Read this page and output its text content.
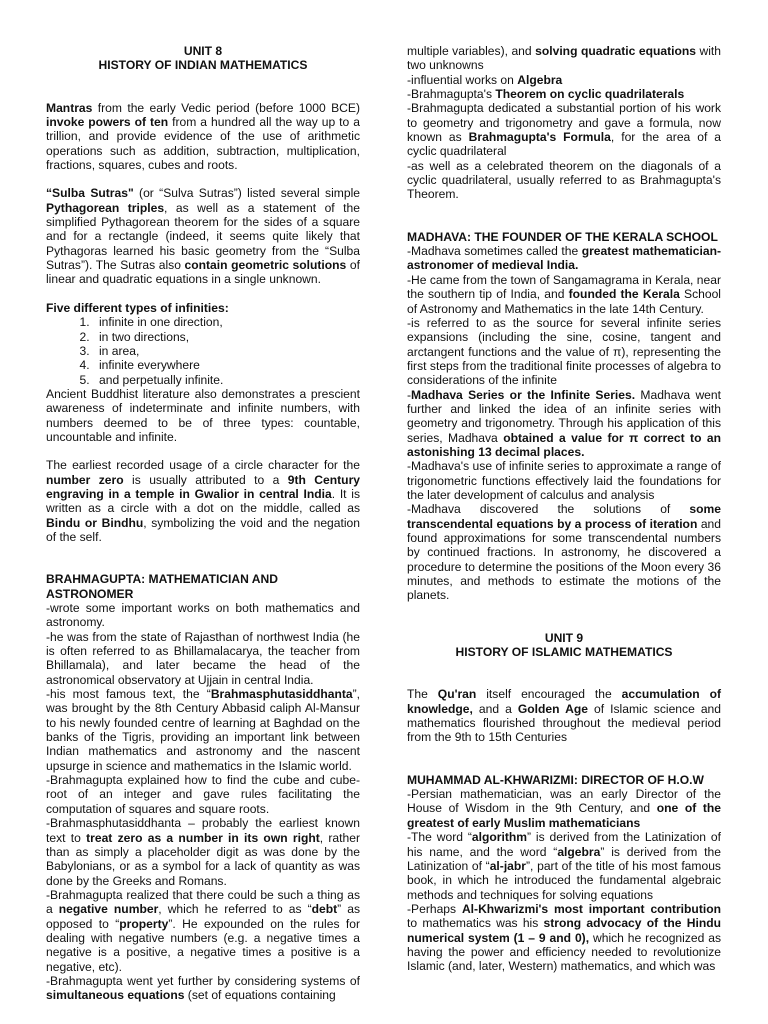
UNIT 8
HISTORY OF INDIAN MATHEMATICS

Mantras from the early Vedic period (before 1000 BCE) invoke powers of ten from a hundred all the way up to a trillion, and provide evidence of the use of arithmetic operations such as addition, subtraction, multiplication, fractions, squares, cubes and roots.

“Sulba Sutras" (or “Sulva Sutras”) listed several simple Pythagorean triples, as well as a statement of the simplified Pythagorean theorem for the sides of a square and for a rectangle (indeed, it seems quite likely that Pythagoras learned his basic geometry from the “Sulba Sutras”). The Sutras also contain geometric solutions of linear and quadratic equations in a single unknown.

Five different types of infinities:
1. infinite in one direction,
2. in two directions,
3. in area,
4. infinite everywhere
5. and perpetually infinite.

Ancient Buddhist literature also demonstrates a prescient awareness of indeterminate and infinite numbers, with numbers deemed to be of three types: countable, uncountable and infinite.

The earliest recorded usage of a circle character for the number zero is usually attributed to a 9th Century engraving in a temple in Gwalior in central India. It is written as a circle with a dot on the middle, called as Bindu or Bindhu, symbolizing the void and the negation of the self.

BRAHMAGUPTA: MATHEMATICIAN AND ASTRONOMER

-wrote some important works on both mathematics and astronomy.

-he was from the state of Rajasthan of northwest India (he is often referred to as Bhillamalacarya, the teacher from Bhillamala), and later became the head of the astronomical observatory at Ujjain in central India.

-his most famous text, the “Brahmasphutasiddhanta”, was brought by the 8th Century Abbasid caliph Al-Mansur to his newly founded centre of learning at Baghdad on the banks of the Tigris, providing an important link between Indian mathematics and astronomy and the nascent upsurge in science and mathematics in the Islamic world.

-Brahmagupta explained how to find the cube and cube-root of an integer and gave rules facilitating the computation of squares and square roots.

-Brahmasphutasiddhanta – probably the earliest known text to treat zero as a number in its own right, rather than as simply a placeholder digit as was done by the Babylonians, or as a symbol for a lack of quantity as was done by the Greeks and Romans.

-Brahmagupta realized that there could be such a thing as a negative number, which he referred to as “debt” as opposed to “property”. He expounded on the rules for dealing with negative numbers (e.g. a negative times a negative is a positive, a negative times a positive is a negative, etc).

-Brahmagupta went yet further by considering systems of simultaneous equations (set of equations containing

multiple variables), and solving quadratic equations with two unknowns

-influential works on Algebra

-Brahmagupta's Theorem on cyclic quadrilaterals

-Brahmagupta dedicated a substantial portion of his work to geometry and trigonometry and gave a formula, now known as Brahmagupta's Formula, for the area of a cyclic quadrilateral

-as well as a celebrated theorem on the diagonals of a cyclic quadrilateral, usually referred to as Brahmagupta's Theorem.

MADHAVA: THE FOUNDER OF THE KERALA SCHOOL

-Madhava sometimes called the greatest mathematician-astronomer of medieval India.

-He came from the town of Sangamagrama in Kerala, near the southern tip of India, and founded the Kerala School of Astronomy and Mathematics in the late 14th Century.

-is referred to as the source for several infinite series expansions (including the sine, cosine, tangent and arctangent functions and the value of π), representing the first steps from the traditional finite processes of algebra to considerations of the infinite

-Madhava Series or the Infinite Series. Madhava went further and linked the idea of an infinite series with geometry and trigonometry. Through his application of this series, Madhava obtained a value for π correct to an astonishing 13 decimal places.

-Madhava's use of infinite series to approximate a range of trigonometric functions effectively laid the foundations for the later development of calculus and analysis

-Madhava discovered the solutions of some transcendental equations by a process of iteration and found approximations for some transcendental numbers by continued fractions. In astronomy, he discovered a procedure to determine the positions of the Moon every 36 minutes, and methods to estimate the motions of the planets.

UNIT 9
HISTORY OF ISLAMIC MATHEMATICS

The Qu'ran itself encouraged the accumulation of knowledge, and a Golden Age of Islamic science and mathematics flourished throughout the medieval period from the 9th to 15th Centuries

MUHAMMAD AL-KHWARIZMI: DIRECTOR OF H.O.W

-Persian mathematician, was an early Director of the House of Wisdom in the 9th Century, and one of the greatest of early Muslim mathematicians

-The word “algorithm” is derived from the Latinization of his name, and the word “algebra” is derived from the Latinization of “al-jabr”, part of the title of his most famous book, in which he introduced the fundamental algebraic methods and techniques for solving equations

-Perhaps Al-Khwarizmi's most important contribution to mathematics was his strong advocacy of the Hindu numerical system (1 – 9 and 0), which he recognized as having the power and efficiency needed to revolutionize Islamic (and, later, Western) mathematics, and which was
